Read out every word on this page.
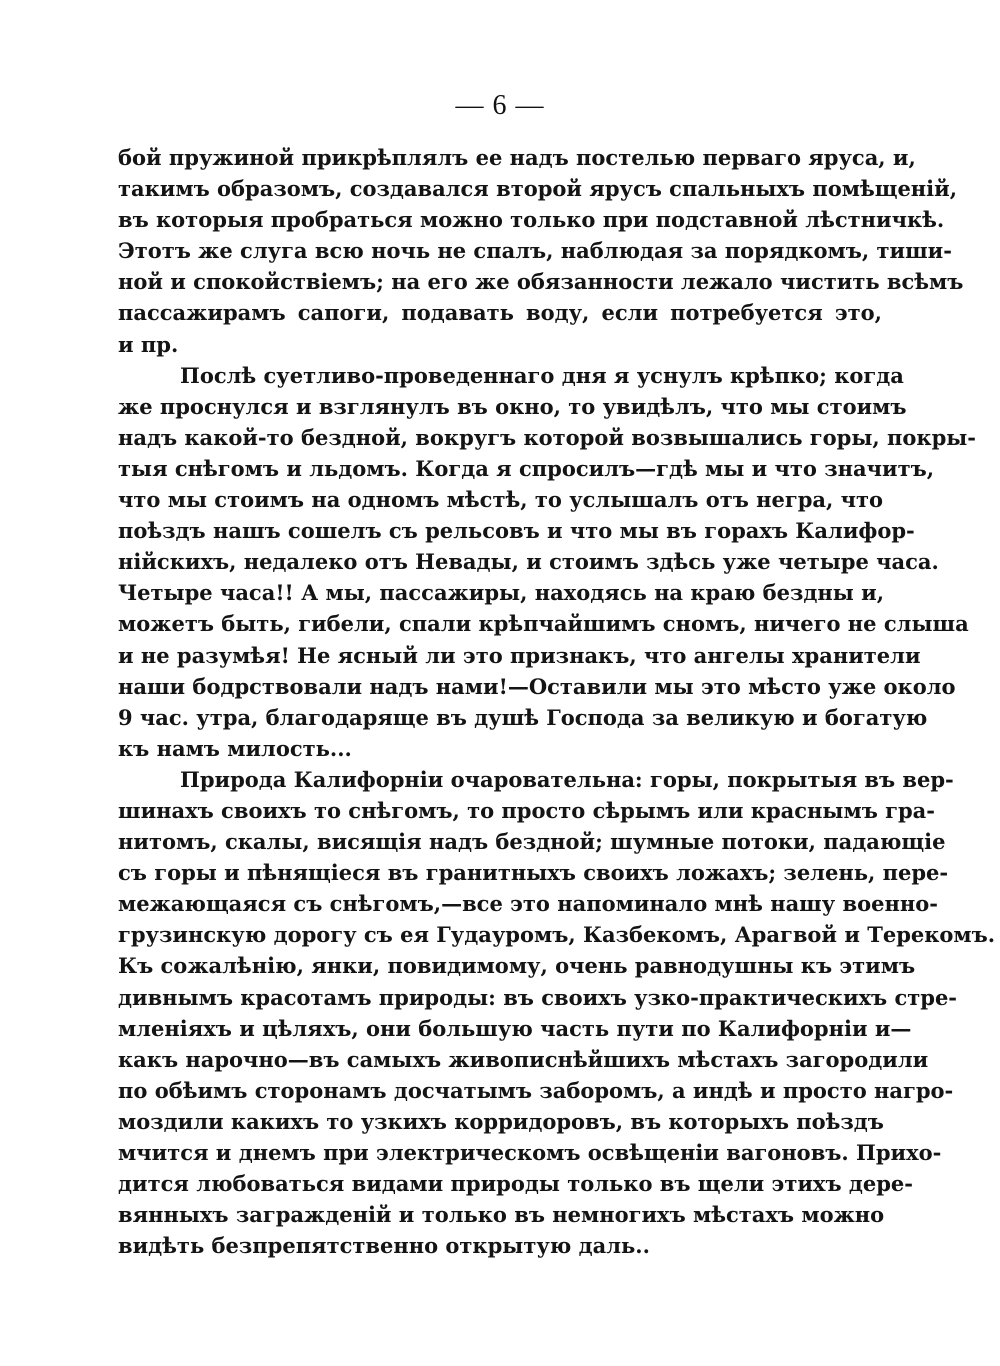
— 6 —
бой пружиной прикрѣплялъ ее надъ постелью перваго яруса, и,
такимъ образомъ, создавался второй ярусъ спальныхъ помѣщеній,
въ которыя пробраться можно только при подставной лѣстничкѣ.
Этотъ же слуга всю ночь не спалъ, наблюдая за порядкомъ, тиши-
ной и спокойствіемъ; на его же обязанности лежало чистить всѣмъ
пассажирамъ сапоги, подавать воду, если потребуется это,
и пр.
Послѣ суетливо-проведеннаго дня я уснулъ крѣпко; когда
же проснулся и взглянулъ въ окно, то увидѣлъ, что мы стоимъ
надъ какой-то бездной, вокругъ которой возвышались горы, покры-
тыя снѣгомъ и льдомъ. Когда я спросилъ—гдѣ мы и что значитъ,
что мы стоимъ на одномъ мѣстѣ, то услышалъ отъ негра, что
поѣздъ нашъ сошелъ съ рельсовъ и что мы въ горахъ Калифор-
нійскихъ, недалеко отъ Невады, и стоимъ здѣсь уже четыре часа.
Четыре часа!! А мы, пассажиры, находясь на краю бездны и,
можетъ быть, гибели, спали крѣпчайшимъ сномъ, ничего не слыша
и не разумѣя! Не ясный ли это признакъ, что ангелы хранители
наши бодрствовали надъ нами!—Оставили мы это мѣсто уже около
9 час. утра, благодаряще въ душѣ Господа за великую и богатую
къ намъ милость...
Природа Калифорніи очаровательна: горы, покрытыя въ вер-
шинахъ своихъ то снѣгомъ, то просто сѣрымъ или краснымъ гра-
нитомъ, скалы, висящія надъ бездной; шумные потоки, падающіе
съ горы и пѣнящіеся въ гранитныхъ своихъ ложахъ; зелень, пере-
межающаяся съ снѣгомъ,—все это напоминало мнѣ нашу военно-
грузинскую дорогу съ ея Гудауромъ, Казбекомъ, Арагвой и Терекомъ.
Къ сожалѣнію, янки, повидимому, очень равнодушны къ этимъ
дивнымъ красотамъ природы: въ своихъ узко-практическихъ стре-
мленіяхъ и цѣляхъ, они большую часть пути по Калифорніи и—
какъ нарочно—въ самыхъ живописнѣйшихъ мѣстахъ загородили
по обѣимъ сторонамъ досчатымъ заборомъ, а индѣ и просто нагро-
моздили какихъ то узкихъ корридоровъ, въ которыхъ поѣздъ
мчится и днемъ при электрическомъ освѣщеніи вагоновъ. Прихо-
дится любоваться видами природы только въ щели этихъ дере-
вянныхъ загражденій и только въ немногихъ мѣстахъ можно
видѣть безпрепятственно открытую даль..
